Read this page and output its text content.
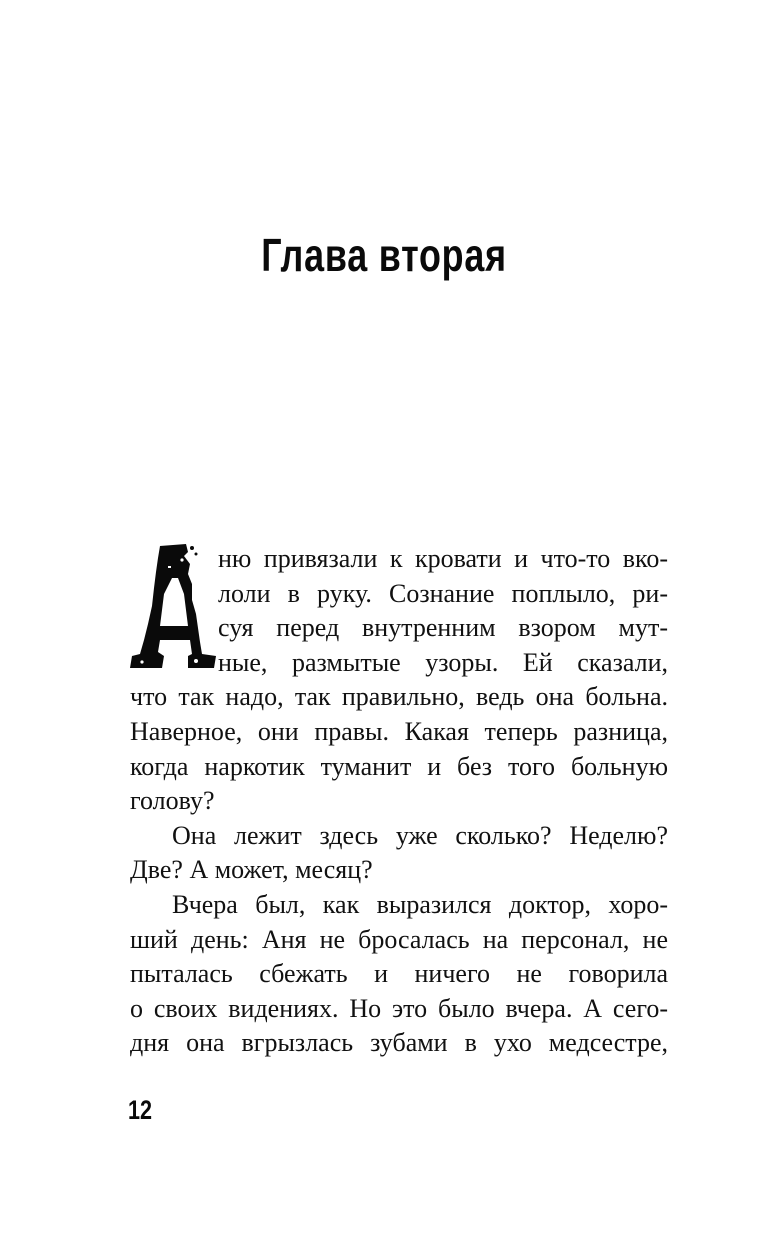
Глава вторая
ню привязали к кровати и что-то вко-
лоли в руку. Сознание поплыло, ри-
суя перед внутренним взором мут-
ные, размытые узоры. Ей сказали,
что так надо, так правильно, ведь она больна.
Наверное, они правы. Какая теперь разница,
когда наркотик туманит и без того больную
голову?
Она лежит здесь уже сколько? Неделю?
Две? А может, месяц?
Вчера был, как выразился доктор, хоро-
ший день: Аня не бросалась на персонал, не
пыталась сбежать и ничего не говорила
о своих видениях. Но это было вчера. А сего-
дня она вгрызлась зубами в ухо медсестре,
12
